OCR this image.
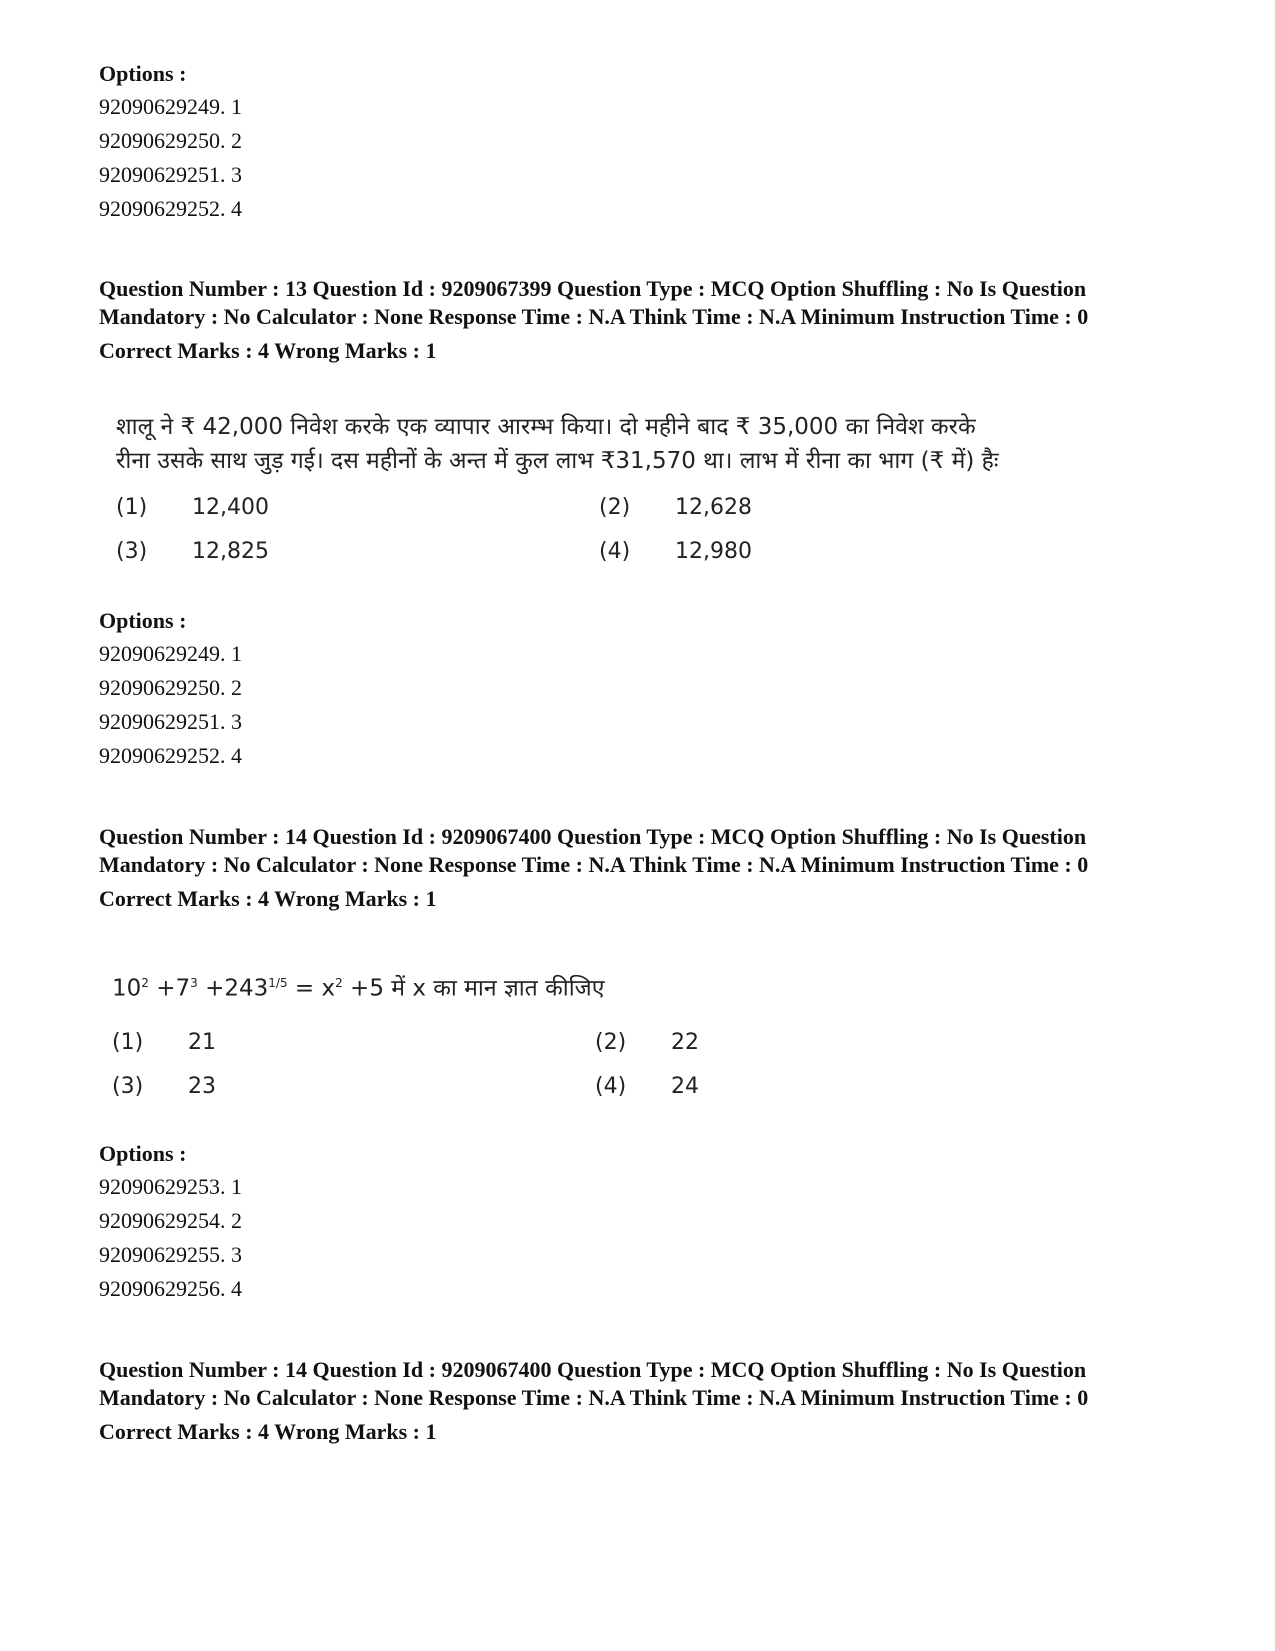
Options :
92090629249. 1
92090629250. 2
92090629251. 3
92090629252. 4
Question Number : 13 Question Id : 9209067399 Question Type : MCQ Option Shuffling : No Is Question Mandatory : No Calculator : None Response Time : N.A Think Time : N.A Minimum Instruction Time : 0
Correct Marks : 4 Wrong Marks : 1
शालू ने ₹ 42,000 निवेश करके एक व्यापार आरम्भ किया। दो महीने बाद ₹ 35,000 का निवेश करके
रीना उसके साथ जुड़ गई। दस महीनों के अन्त में कुल लाभ ₹31,570 था। लाभ में रीना का भाग (₹ में) हैः
(1) 12,400	(2) 12,628
(3) 12,825	(4) 12,980
Options :
92090629249. 1
92090629250. 2
92090629251. 3
92090629252. 4
Question Number : 14 Question Id : 9209067400 Question Type : MCQ Option Shuffling : No Is Question Mandatory : No Calculator : None Response Time : N.A Think Time : N.A Minimum Instruction Time : 0
Correct Marks : 4 Wrong Marks : 1
$10^2 +7^3 +243^{1/5} = x^2 +5$ में x का मान ज्ञात कीजिए
(1) 21	(2) 22
(3) 23	(4) 24
Options :
92090629253. 1
92090629254. 2
92090629255. 3
92090629256. 4
Question Number : 14 Question Id : 9209067400 Question Type : MCQ Option Shuffling : No Is Question Mandatory : No Calculator : None Response Time : N.A Think Time : N.A Minimum Instruction Time : 0
Correct Marks : 4 Wrong Marks : 1
